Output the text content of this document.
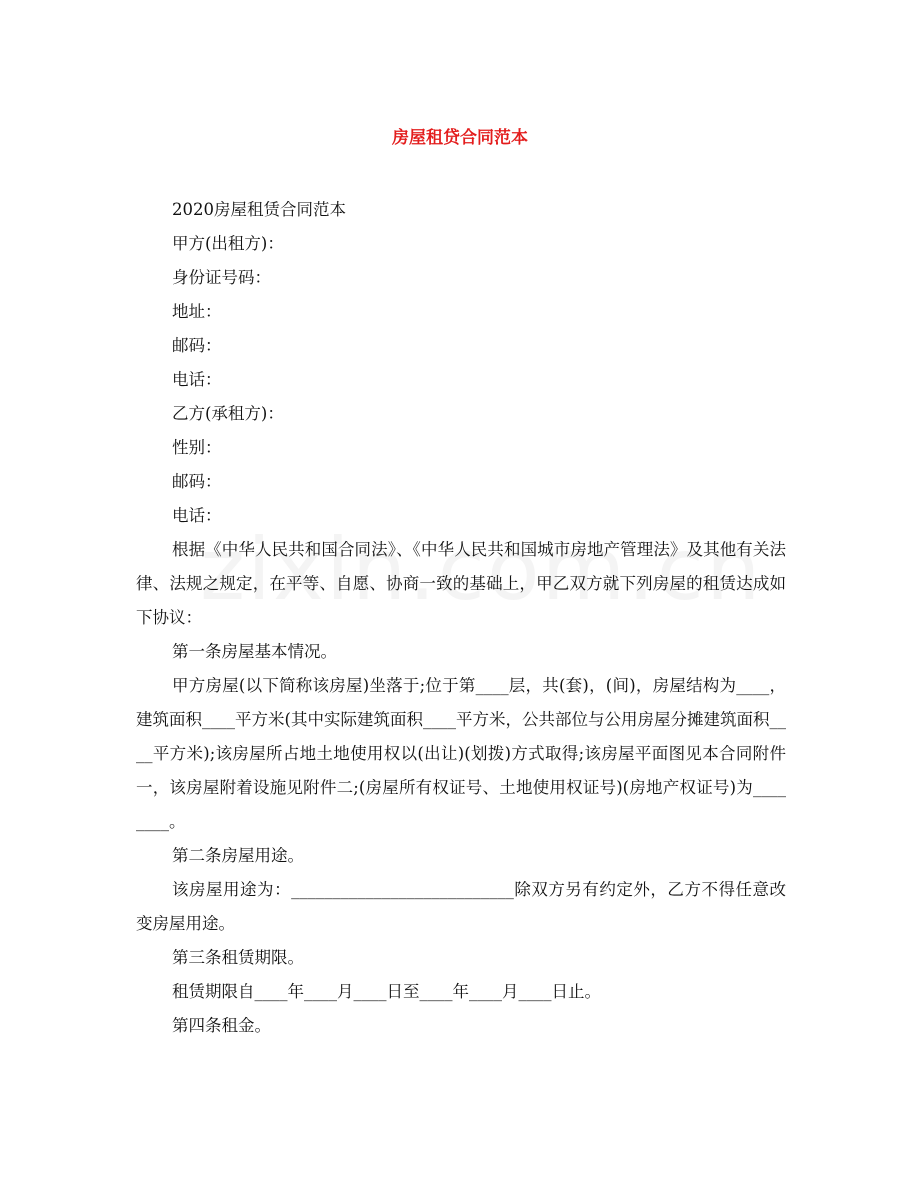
房屋租贷合同范本

2020房屋租赁合同范本

甲方(出租方)：

身份证号码：

地址：

邮码：

电话：

乙方(承租方)：

性别：

邮码：

电话：

根据《中华人民共和国合同法》、《中华人民共和国城市房地产管理法》及其他有关法律、法规之规定，在平等、自愿、协商一致的基础上，甲乙双方就下列房屋的租赁达成如下协议：

第一条房屋基本情况。

甲方房屋(以下简称该房屋)坐落于;位于第____层，共(套)，(间)，房屋结构为____，建筑面积____平方米(其中实际建筑面积____平方米，公共部位与公用房屋分摊建筑面积____平方米);该房屋所占地土地使用权以(出让)(划拨)方式取得;该房屋平面图见本合同附件一，该房屋附着设施见附件二;(房屋所有权证号、土地使用权证号)(房地产权证号)为________。

第二条房屋用途。

该房屋用途为：___________________________除双方另有约定外，乙方不得任意改变房屋用途。

第三条租赁期限。

租赁期限自____年____月____日至____年____月____日止。

第四条租金。
